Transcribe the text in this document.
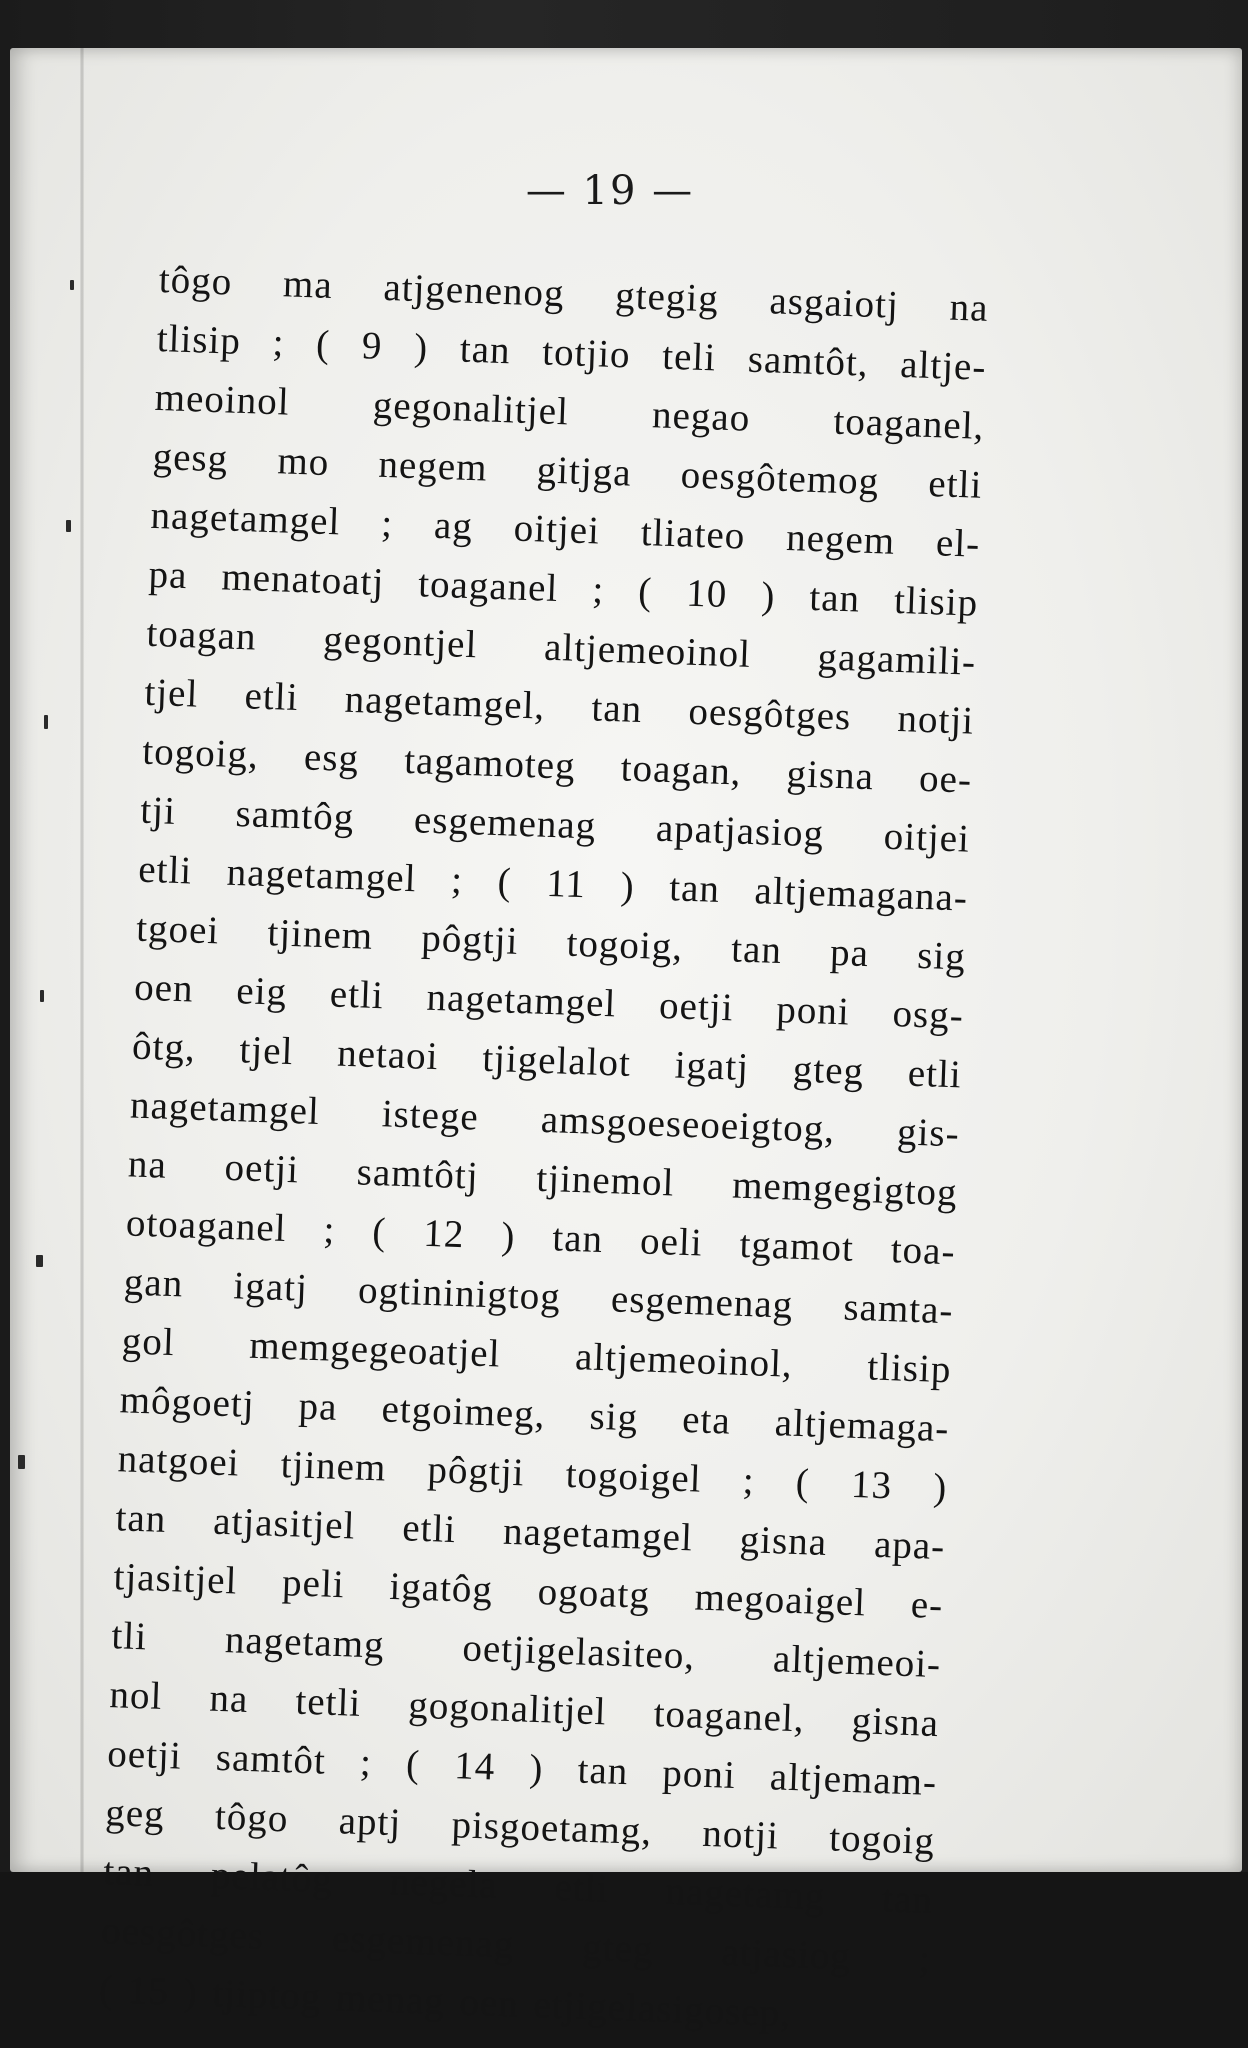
— 19 —
tôgo ma atjgenenog gtegig asgaiotj na
tlisip ; ( 9 ) tan totjio teli samtôt, altje-
meoinol gegonalitjel negao toaganel,
gesg mo negem gitjga oesgôtemog etli
nagetamgel ; ag oitjei tliateo negem el-
pa menatoatj toaganel ; ( 10 ) tan tlisip
toagan gegontjel altjemeoinol gagamili-
tjel etli nagetamgel, tan oesgôtges notji
togoig, esg tagamoteg toagan, gisna oe-
tji samtôg esgemenag apatjasiog oitjei
etli nagetamgel ; ( 11 ) tan altjemagana-
tgoei tjinem pôgtji togoig, tan pa sig
oen eig etli nagetamgel oetji poni osg-
ôtg, tjel netaoi tjigelalot igatj gteg etli
nagetamgel istege amsgoeseoeigtog, gis-
na oetji samtôtj tjinemol memgegigtog
otoaganel ; ( 12 ) tan oeli tgamot toa-
gan igatj ogtininigtog esgemenag samta-
gol memgegeoatjel altjemeoinol, tlisip
môgoetj pa etgoimeg, sig eta altjemaga-
natgoei tjinem pôgtji togoigel ; ( 13 )
tan atjasitjel etli nagetamgel gisna apa-
tjasitjel peli igatôg ogoatg megoaigel e-
tli nagetamg oetjigelasiteo, altjemeoi-
nol na tetli gogonalitjel toaganel, gisna
oetji samtôt ; ( 14 ) tan poni altjemam-
geg tôgo aptj pisgoetamg, notji togoig
tan pelatôg negela etli nagetamg tan
oesgôtges esgemenag gteg atjasiog ;
( 15 ) tjiptog menag oen etjigelasigosep,
